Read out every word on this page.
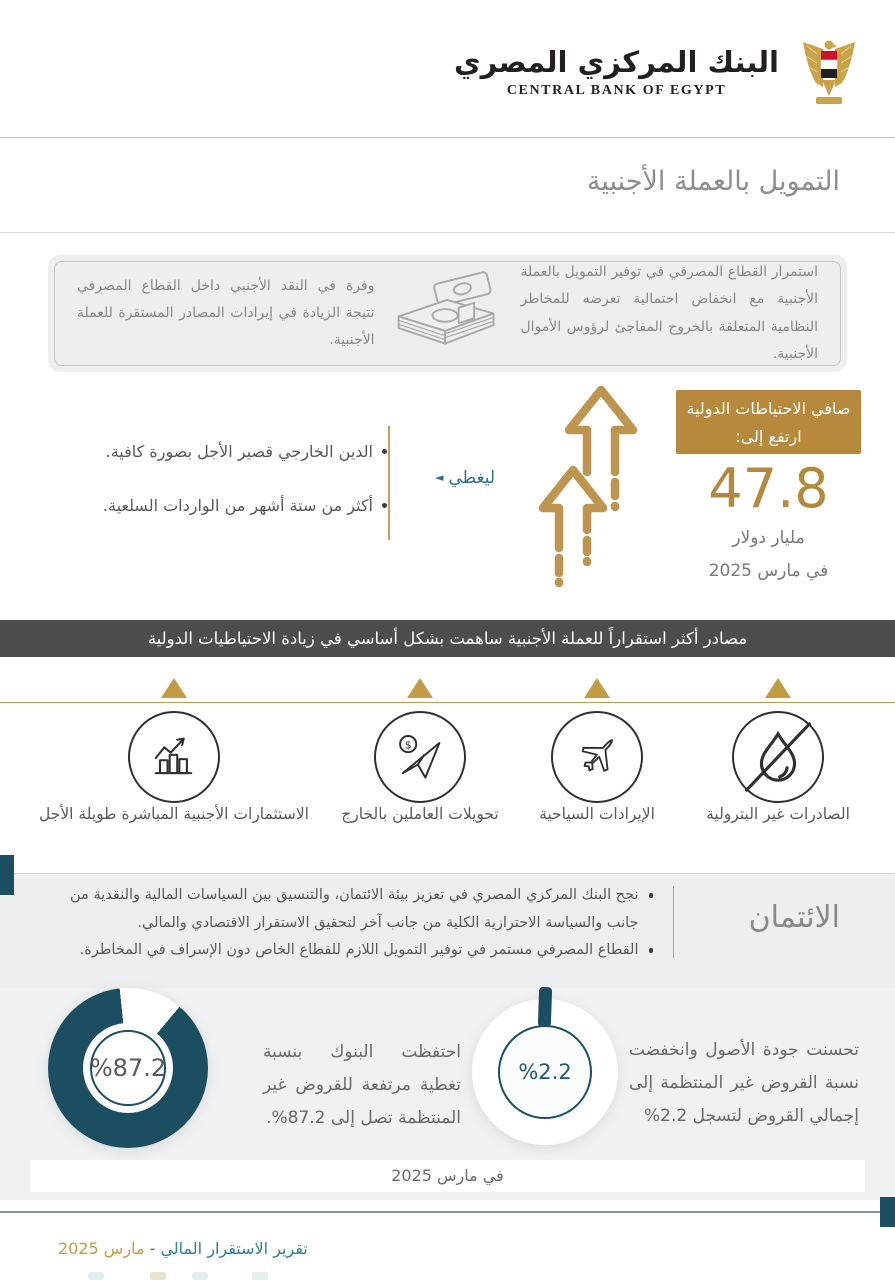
البنك المركزي المصري
CENTRAL BANK OF EGYPT
التمويل بالعملة الأجنبية
استمرار القطاع المصرفي في توفير التمويل بالعملة الأجنبية مع انخفاض احتمالية تعرضه للمخاطر النظامية المتعلقة بالخروج المفاجئ لرؤوس الأموال الأجنبية.
وفرة في النقد الأجنبي داخل القطاع المصرفي نتيجة الزيادة في إيرادات المصادر المستقرة للعملة الأجنبية.
صافي الاحتياطات الدولية ارتفع إلى:
47.8
مليار دولار
في مارس 2025
ليغطي◄
الدين الخارجي قصير الأجل بصورة كافية.
أكثر من ستة أشهر من الواردات السلعية.
مصادر أكثر استقراراً للعملة الأجنبية ساهمت بشكل أساسي في زيادة الاحتياطيات الدولية
$
الصادرات غير البترولية
الإيرادات السياحية
تحويلات العاملين بالخارج
الاستثمارات الأجنبية المباشرة طويلة الأجل
الائتمان
نجح البنك المركزي المصري في تعزيز بيئة الائتمان، والتنسيق بين السياسات المالية والنقدية من جانب والسياسة الاحترازية الكلية من جانب آخر لتحقيق الاستقرار الاقتصادي والمالي.
القطاع المصرفي مستمر في توفير التمويل اللازم للقطاع الخاص دون الإسراف في المخاطرة.
%2.2
تحسنت جودة الأصول وانخفضت نسبة القروض غير المنتظمة إلى إجمالي القروض لتسجل 2.2%
%87.2
احتفظت البنوك بنسبة تغطية مرتفعة للقروض غير المنتظمة تصل إلى 87.2%.
في مارس 2025
تقرير الاستقرار المالي - مارس 2025
